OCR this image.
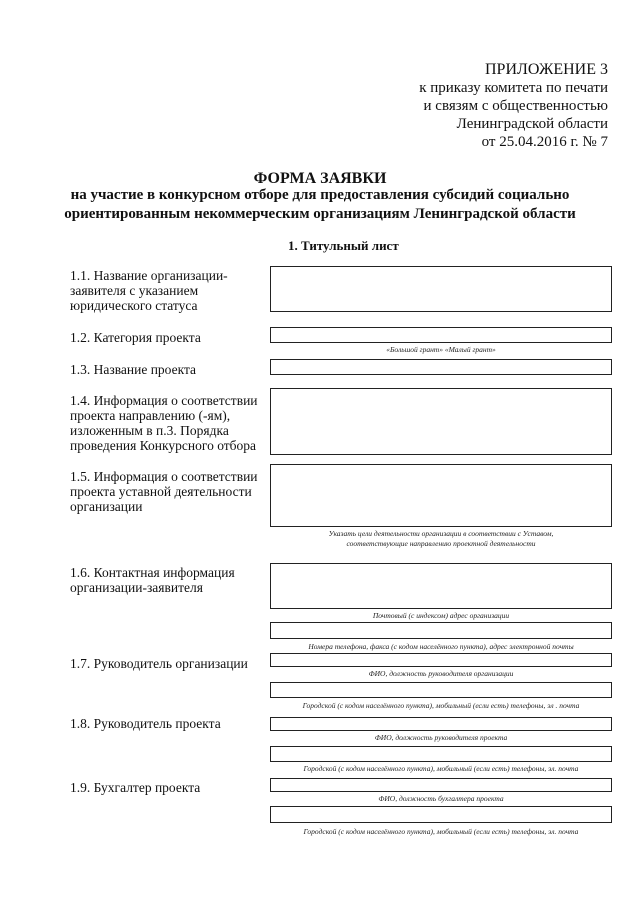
ПРИЛОЖЕНИЕ 3
к приказу комитета по печати
и связям с общественностью
Ленинградской области
от 25.04.2016 г. № 7
ФОРМА ЗАЯВКИ
на участие в конкурсном отборе для предоставления субсидий социально
ориентированным некоммерческим организациям Ленинградской области
1. Титульный лист
1.1. Название организации-
заявителя с указанием
юридического статуса
1.2. Категория проекта
«Большой грант» «Малый грант»
1.3. Название проекта
1.4. Информация о соответствии
проекта направлению (-ям),
изложенным в п.3. Порядка
проведения Конкурсного отбора
1.5. Информация о соответствии
проекта уставной деятельности
организации
Указать цели деятельности организации в соответствии с Уставом,
соответствующие направлению проектной деятельности
1.6. Контактная информация
организации-заявителя
Почтовый (с индексом) адрес организации
Номера телефона, факса (с кодом населённого пункта), адрес электронной почты
1.7. Руководитель организации
ФИО, должность руководителя организации
Городской (с кодом населённого пункта), мобильный (если есть) телефоны, эл . почта
1.8. Руководитель проекта
ФИО, должность руководителя проекта
Городской (с кодом населённого пункта), мобильный (если есть) телефоны, эл. почта
1.9. Бухгалтер проекта
ФИО, должность бухгалтера проекта
Городской (с кодом населённого пункта), мобильный (если есть) телефоны, эл. почта
